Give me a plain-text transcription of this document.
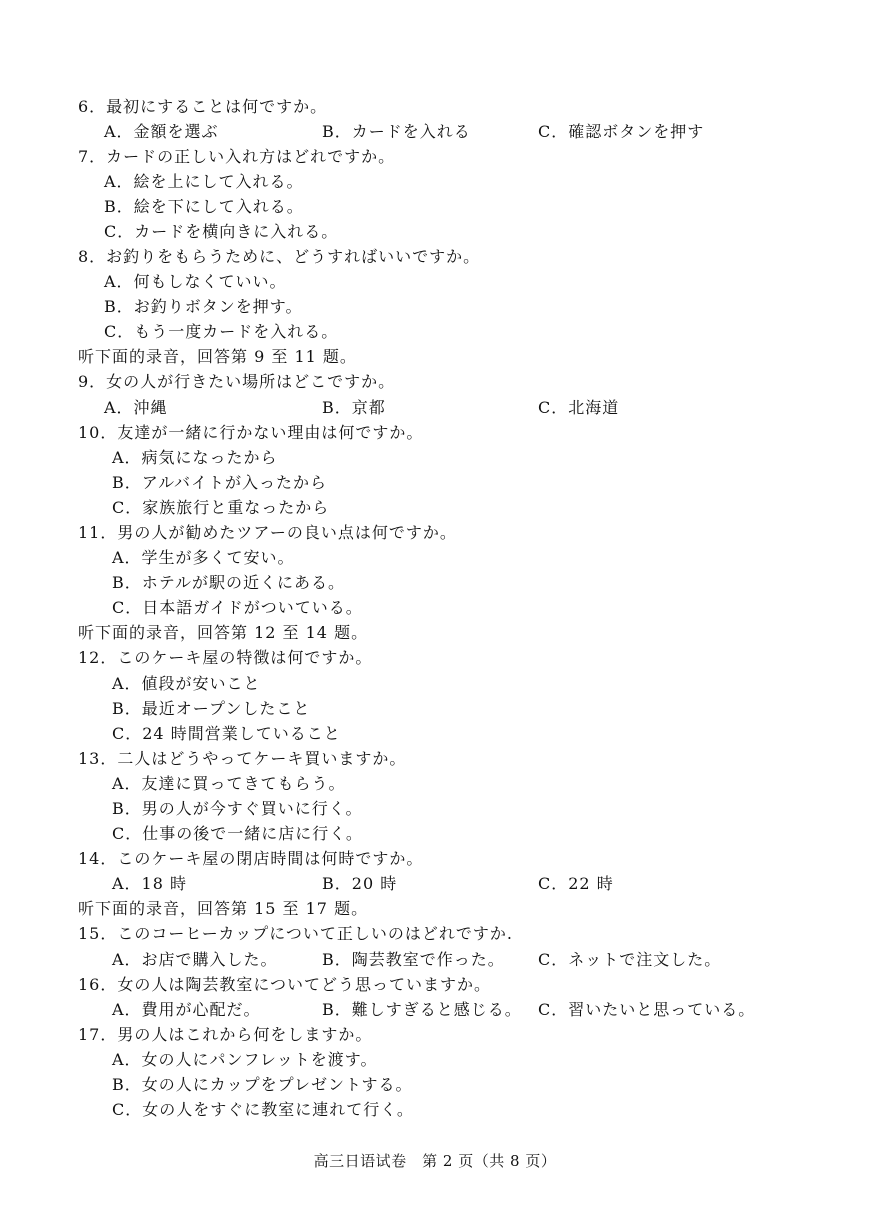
6．最初にすることは何ですか。
A．金額を選ぶ	B．カードを入れる	C．確認ボタンを押す
7．カードの正しい入れ方はどれですか。
A．絵を上にして入れる。
B．絵を下にして入れる。
C．カードを横向きに入れる。
8．お釣りをもらうために、どうすればいいですか。
A．何もしなくていい。
B．お釣りボタンを押す。
C．もう一度カードを入れる。
听下面的录音，回答第 9 至 11 题。
9．女の人が行きたい場所はどこですか。
A．沖縄	B．京都	C．北海道
10．友達が一緒に行かない理由は何ですか。
A．病気になったから
B．アルバイトが入ったから
C．家族旅行と重なったから
11．男の人が勧めたツアーの良い点は何ですか。
A．学生が多くて安い。
B．ホテルが駅の近くにある。
C．日本語ガイドがついている。
听下面的录音，回答第 12 至 14 题。
12．このケーキ屋の特徴は何ですか。
A．値段が安いこと
B．最近オープンしたこと
C．24 時間営業していること
13．二人はどうやってケーキ買いますか。
A．友達に買ってきてもらう。
B．男の人が今すぐ買いに行く。
C．仕事の後で一緒に店に行く。
14．このケーキ屋の閉店時間は何時ですか。
A．18 時	B．20 時	C．22 時
听下面的录音，回答第 15 至 17 题。
15．このコーヒーカップについて正しいのはどれですか.
A．お店で購入した。	B．陶芸教室で作った。 C．ネットで注文した。
16．女の人は陶芸教室についてどう思っていますか。
A．費用が心配だ。	B．難しすぎると感じる。 C．習いたいと思っている。
17．男の人はこれから何をしますか。
A．女の人にパンフレットを渡す。
B．女の人にカップをプレゼントする。
C．女の人をすぐに教室に連れて行く。
高三日语试卷　第 2 页（共 8 页）
